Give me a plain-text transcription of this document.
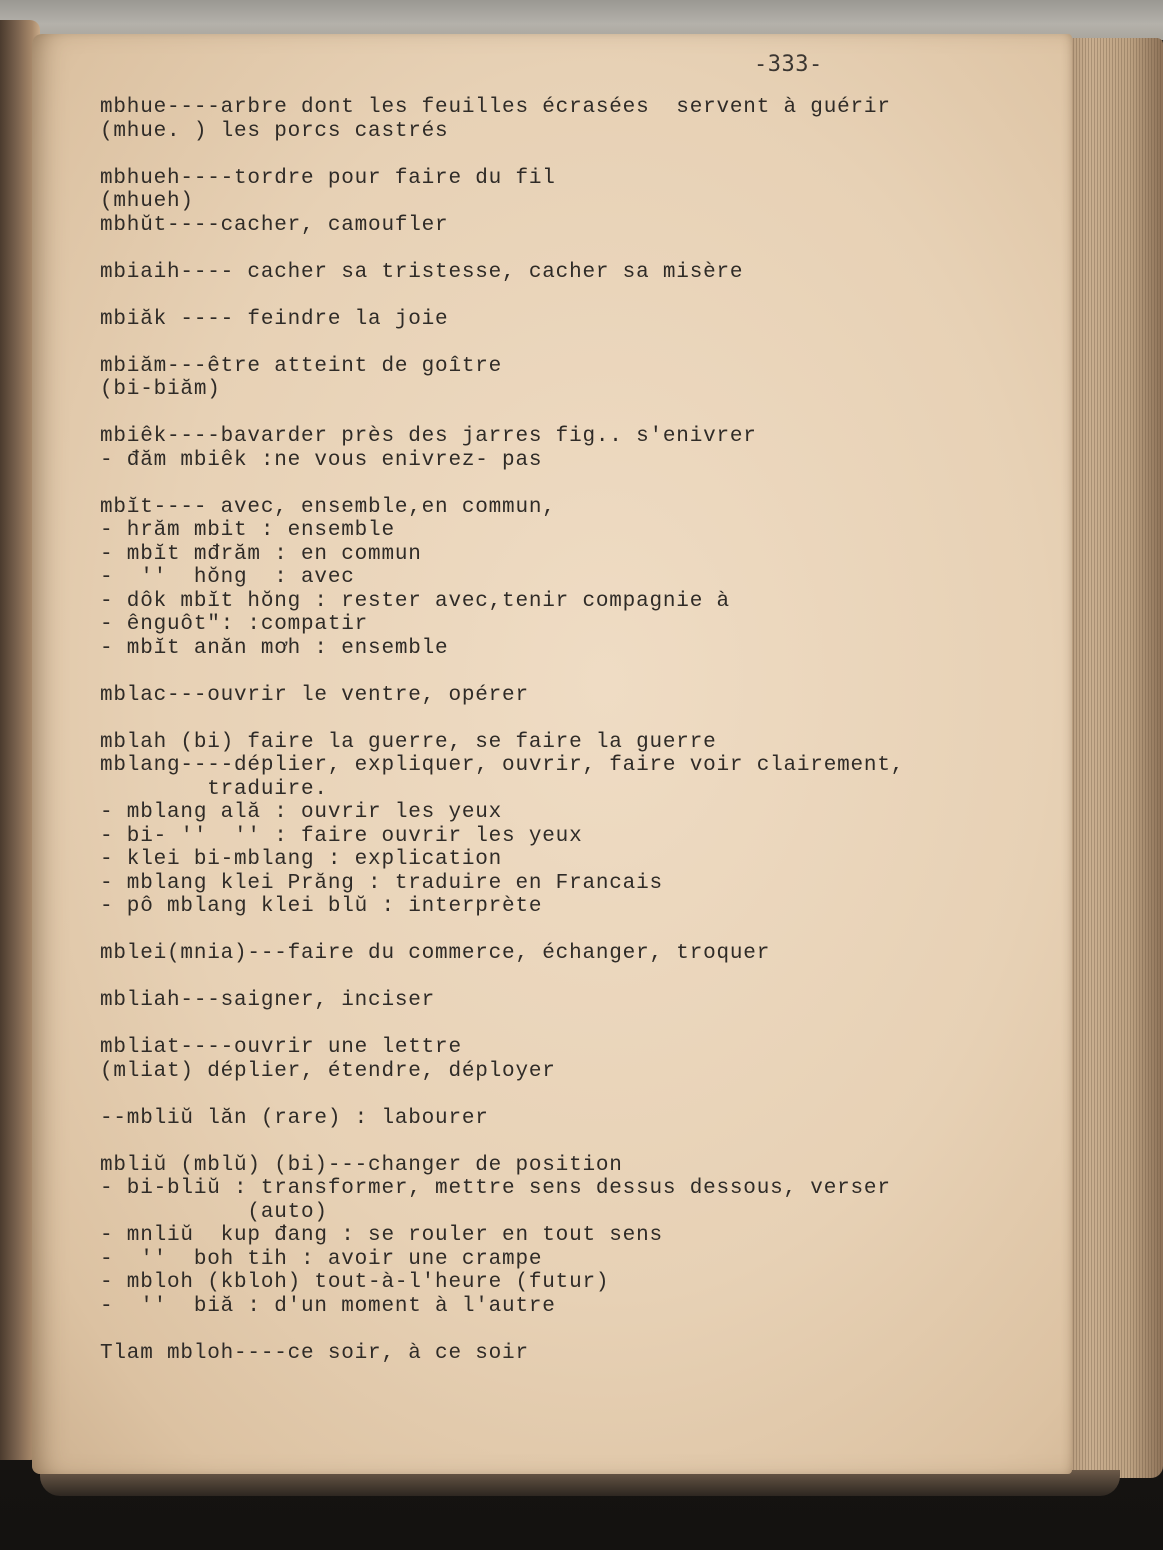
-333-
mbhue----arbre dont les feuilles écrasées  servent à guérir
(mhue. ) les porcs castrés
mbhueh----tordre pour faire du fil
(mhueh)
mbhŭt----cacher, camoufler
mbiaih---- cacher sa tristesse, cacher sa misère
mbiăk ---- feindre la joie
mbiăm---être atteint de goître
(bi-biăm)
mbiêk----bavarder près des jarres fig.. s'enivrer
- đăm mbiêk :ne vous enivrez- pas
mbĭt---- avec, ensemble,en commun,
- hrăm mbit : ensemble
- mbĭt mđrăm : en commun
-  ''  hŏng  : avec
- dôk mbĭt hŏng : rester avec,tenir compagnie à
- ênguôt": :compatir
- mbĭt anăn mơh : ensemble
mblac---ouvrir le ventre, opérer
mblah (bi) faire la guerre, se faire la guerre
mblang----déplier, expliquer, ouvrir, faire voir clairement,
traduire.
- mblang ală : ouvrir les yeux
- bi- ''  '' : faire ouvrir les yeux
- klei bi-mblang : explication
- mblang klei Prăng : traduire en Francais
- pô mblang klei blŭ : interprète
mblei(mnia)---faire du commerce, échanger, troquer
mbliah---saigner, inciser
mbliat----ouvrir une lettre
(mliat) déplier, étendre, déployer
--mbliŭ lăn (rare) : labourer
mbliŭ (mblŭ) (bi)---changer de position
- bi-bliŭ : transformer, mettre sens dessus dessous, verser
(auto)
- mnliŭ  kup đang : se rouler en tout sens
-  ''  boh tih : avoir une crampe
- mbloh (kbloh) tout-à-l'heure (futur)
-  ''  biă : d'un moment à l'autre
Tlam mbloh----ce soir, à ce soir
